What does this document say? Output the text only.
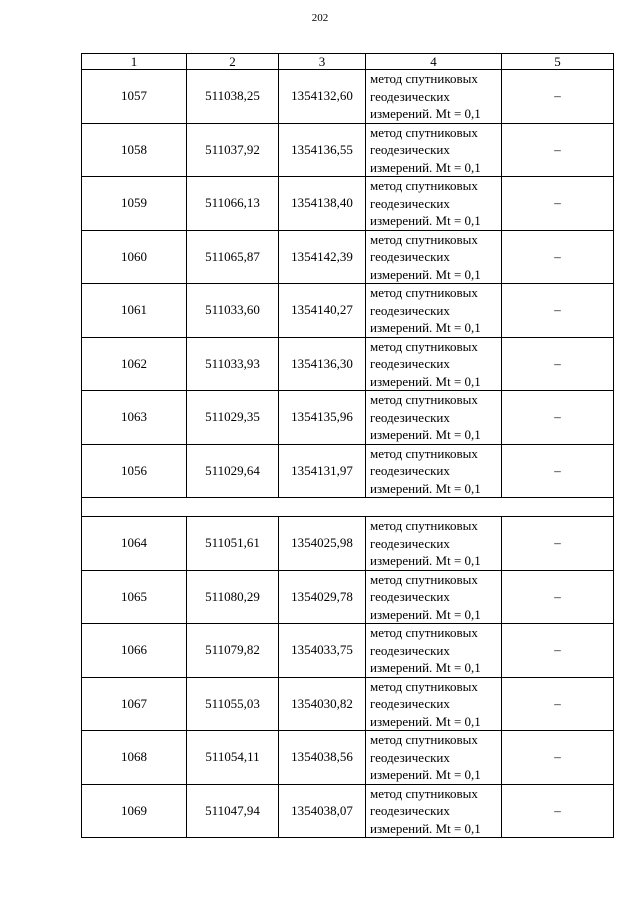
202
1	2	3	4	5
1057	511038,25	1354132,60	метод спутниковых
геодезических
измерений. Mt = 0,1	–
1058	511037,92	1354136,55	метод спутниковых
геодезических
измерений. Mt = 0,1	–
1059	511066,13	1354138,40	метод спутниковых
геодезических
измерений. Mt = 0,1	–
1060	511065,87	1354142,39	метод спутниковых
геодезических
измерений. Mt = 0,1	–
1061	511033,60	1354140,27	метод спутниковых
геодезических
измерений. Mt = 0,1	–
1062	511033,93	1354136,30	метод спутниковых
геодезических
измерений. Mt = 0,1	–
1063	511029,35	1354135,96	метод спутниковых
геодезических
измерений. Mt = 0,1	–
1056	511029,64	1354131,97	метод спутниковых
геодезических
измерений. Mt = 0,1	–

1064	511051,61	1354025,98	метод спутниковых
геодезических
измерений. Mt = 0,1	–
1065	511080,29	1354029,78	метод спутниковых
геодезических
измерений. Mt = 0,1	–
1066	511079,82	1354033,75	метод спутниковых
геодезических
измерений. Mt = 0,1	–
1067	511055,03	1354030,82	метод спутниковых
геодезических
измерений. Mt = 0,1	–
1068	511054,11	1354038,56	метод спутниковых
геодезических
измерений. Mt = 0,1	–
1069	511047,94	1354038,07	метод спутниковых
геодезических
измерений. Mt = 0,1	–
